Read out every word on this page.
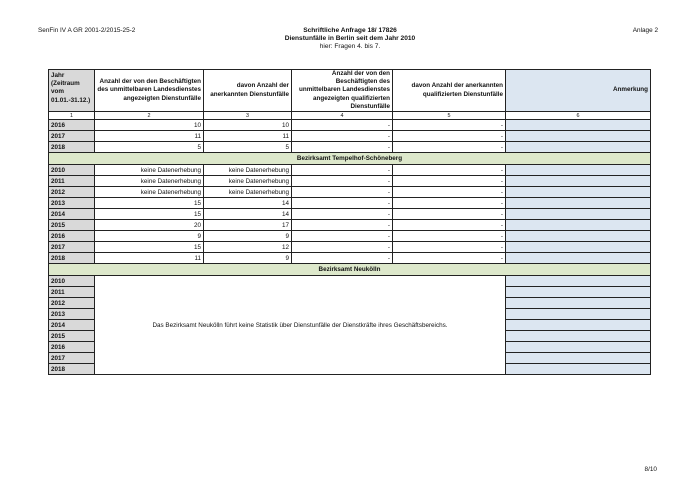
SenFin IV A GR 2001-2/2015-25-2	Anlage 2
Schriftliche Anfrage 18/ 17826
Dienstunfälle in Berlin seit dem Jahr 2010
hier: Fragen 4. bis 7.
Jahr (Zeitraum vom 01.01.-31.12.)	Anzahl der von den Beschäftigten des unmittelbaren Landesdienstes angezeigten Dienstunfälle	davon Anzahl der anerkannten Dienstunfälle	Anzahl der von den Beschäftigten des unmittelbaren Landesdienstes angezeigten qualifizierten Dienstunfälle	davon Anzahl der anerkannten qualifizierten Dienstunfälle	Anmerkung
1	2	3	4	5	6
2016	10	10	-	-	
2017	11	11	-	-	
2018	5	5	-	-	
Bezirksamt Tempelhof-Schöneberg					
2010	keine Datenerhebung	keine Datenerhebung	-	-	
2011	keine Datenerhebung	keine Datenerhebung	-	-	
2012	keine Datenerhebung	keine Datenerhebung	-	-	
2013	15	14	-	-	
2014	15	14	-	-	
2015	20	17	-	-	
2016	9	9	-	-	
2017	15	12	-	-	
2018	11	9	-	-	
Bezirksamt Neukölln					
2010	Das Bezirksamt Neukölln führt keine Statistik über Dienstunfälle der Dienstkräfte ihres Geschäftsbereichs.				
2011					
2012					
2013					
2014					
2015					
2016					
2017					
2018					
8/10
